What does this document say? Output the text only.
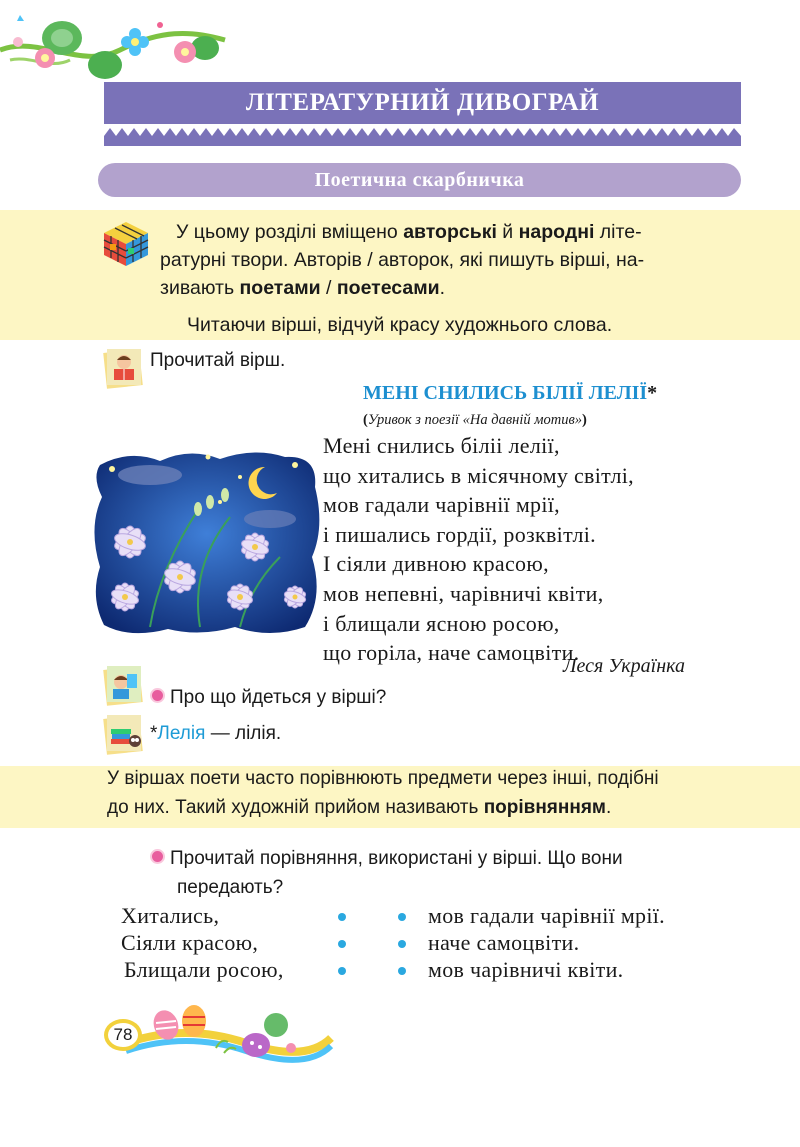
ЛІТЕРАТУРНИЙ ДИВОГРАЙ
Поетична скарбничка
У цьому розділі вміщено авторські й народні літе-
ратурні твори. Авторів / авторок, які пишуть вірші, на-
зивають поетами / поетесами.
Читаючи вірші, відчуй красу художнього слова.
Прочитай вірш.
МЕНІ СНИЛИСЬ БІЛІЇ ЛЕЛІЇ*
(Уривок з поезії «На давній мотив»)
Мені снились біліі лелії,
що хитались в місячному світлі,
мов гадали чарівнії мрії,
і пишались гордії, розквітлі.
І сіяли дивною красою,
мов непевні, чарівничі квіти,
і блищали ясною росою,
що горіла, наче самоцвіти.
Леся Українка
Про що йдеться у вірші?
*Лелія — лілія.
У віршах поети часто порівнюють предмети через інші, подібні
до них. Такий художній прийом називають порівнянням.
Прочитай порівняння, використані у вірші. Що вони
передають?
Хитались,
Сіяли красою,
Блищали росою,
мов гадали чарівнії мрії.
наче самоцвіти.
мов чарівничі квіти.
78
